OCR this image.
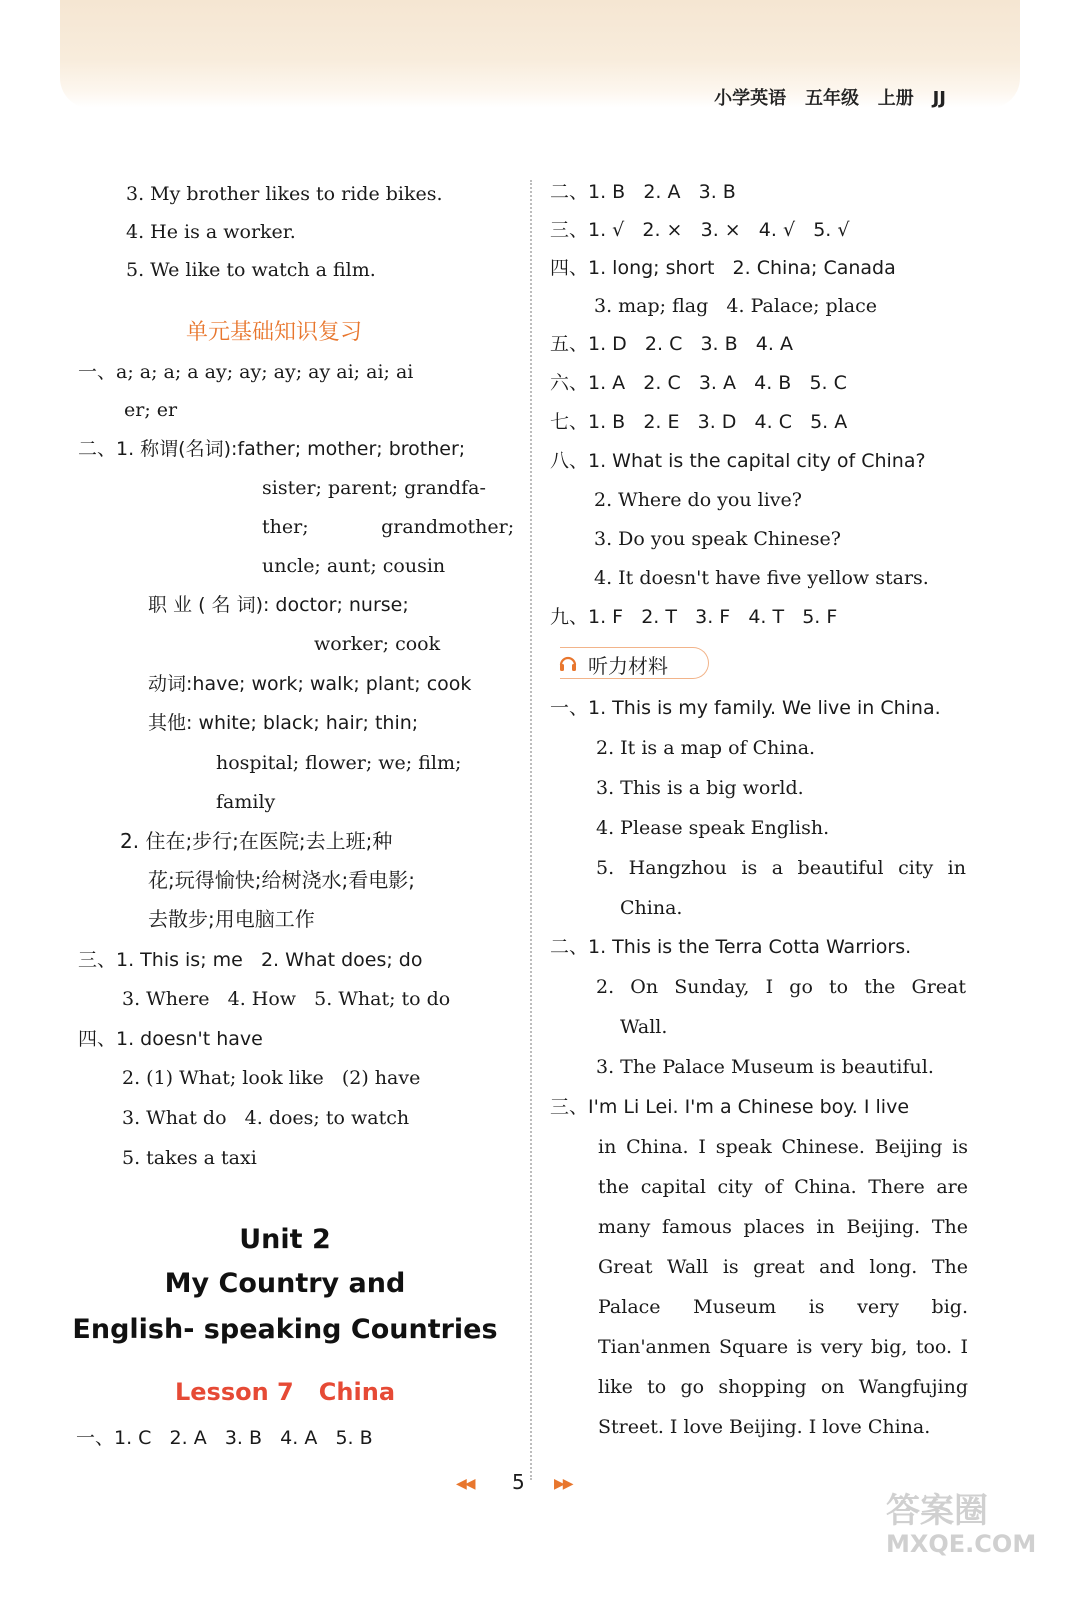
小学英语 五年级 上册 JJ
3. My brother likes to ride bikes.
4. He is a worker.
5. We like to watch a film.
单元基础知识复习
一、a; a; a; a ay; ay; ay; ay ai; ai; ai
er; er
二、1. 称谓(名词):father; mother; brother;
sister; parent; grandfa-
ther;            grandmother;
uncle; aunt; cousin
职 业 ( 名 词): doctor; nurse;
worker; cook
动词:have; work; walk; plant; cook
其他: white; black; hair; thin;
hospital; flower; we; film;
family
2. 住在;步行;在医院;去上班;种
花;玩得愉快;给树浇水;看电影;
去散步;用电脑工作
三、1. This is; me   2. What does; do
3. Where   4. How   5. What; to do
四、1. doesn't have
2. (1) What; look like   (2) have
3. What do   4. does; to watch
5. takes a taxi
Unit 2
My Country and
English- speaking Countries
Lesson 7   China
一、1. C   2. A   3. B   4. A   5. B
二、1. B   2. A   3. B
三、1. √   2. ×   3. ×   4. √   5. √
四、1. long; short   2. China; Canada
3. map; flag   4. Palace; place
五、1. D   2. C   3. B   4. A
六、1. A   2. C   3. A   4. B   5. C
七、1. B   2. E   3. D   4. C   5. A
八、1. What is the capital city of China?
2. Where do you live?
3. Do you speak Chinese?
4. It doesn't have five yellow stars.
九、1. F   2. T   3. F   4. T   5. F
听力材料
一、1. This is my family. We live in China.
2. It is a map of China.
3. This is a big world.
4. Please speak English.
5. Hangzhou is a beautiful city in
China.
二、1. This is the Terra Cotta Warriors.
2. On Sunday, I go to the Great
Wall.
3. The Palace Museum is beautiful.
三、I'm Li Lei. I'm a Chinese boy. I live
in China. I speak Chinese. Beijing is
the capital city of China. There are
many famous places in Beijing. The
Great Wall is great and long. The
Palace Museum is very big.
Tian'anmen Square is very big, too. I
like to go shopping on Wangfujing
Street. I love Beijing. I love China.
◀◀ 5 ▶▶
答案圈
MXQE.COM
